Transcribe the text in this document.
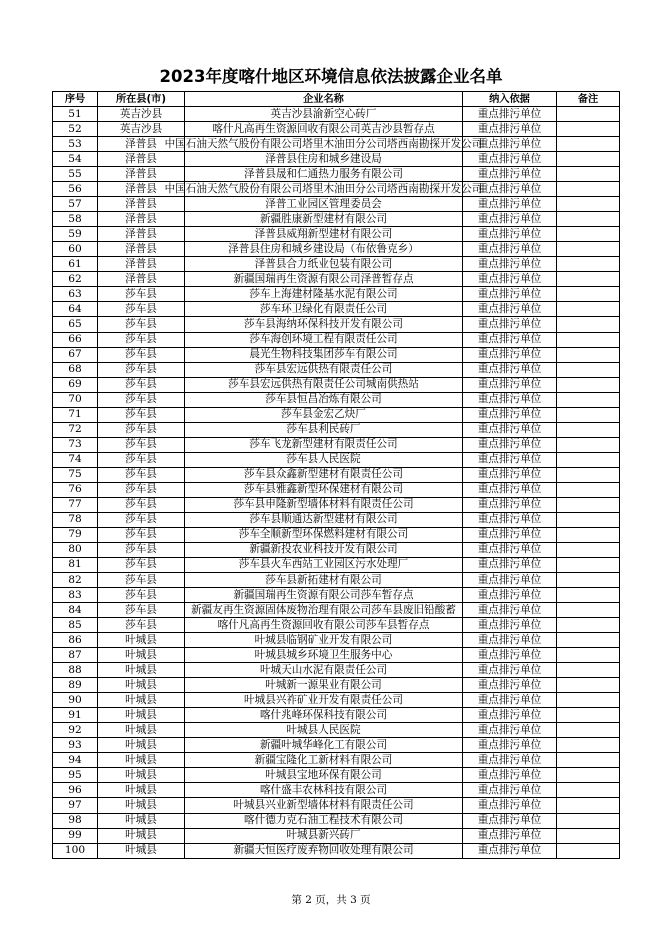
2023年度喀什地区环境信息依法披露企业名单
序号	所在县(市)	企业名称	纳入依据	备注
51	英吉沙县	英吉沙县渝新空心砖厂	重点排污单位	
52	英吉沙县	喀什凡高再生资源回收有限公司英吉沙县暂存点	重点排污单位	
53	泽普县	中国石油天然气股份有限公司塔里木油田分公司塔西南勘探开发公司	重点排污单位	
54	泽普县	泽普县住房和城乡建设局	重点排污单位	
55	泽普县	泽普县晟和仁通热力服务有限公司	重点排污单位	
56	泽普县	中国石油天然气股份有限公司塔里木油田分公司塔西南勘探开发公司	重点排污单位	
57	泽普县	泽普工业园区管理委员会	重点排污单位	
58	泽普县	新疆胜康新型建材有限公司	重点排污单位	
59	泽普县	泽普县威翔新型建材有限公司	重点排污单位	
60	泽普县	泽普县住房和城乡建设局（布依鲁克乡）	重点排污单位	
61	泽普县	泽普县合力纸业包装有限公司	重点排污单位	
62	泽普县	新疆国瑞再生资源有限公司泽普暂存点	重点排污单位	
63	莎车县	莎车上海建材隆基水泥有限公司	重点排污单位	
64	莎车县	莎车环卫绿化有限责任公司	重点排污单位	
65	莎车县	莎车县海纳环保科技开发有限公司	重点排污单位	
66	莎车县	莎车海创环境工程有限责任公司	重点排污单位	
67	莎车县	晨光生物科技集团莎车有限公司	重点排污单位	
68	莎车县	莎车县宏远供热有限责任公司	重点排污单位	
69	莎车县	莎车县宏远供热有限责任公司城南供热站	重点排污单位	
70	莎车县	莎车县恒昌冶炼有限公司	重点排污单位	
71	莎车县	莎车县金宏乙炔厂	重点排污单位	
72	莎车县	莎车县利民砖厂	重点排污单位	
73	莎车县	莎车飞龙新型建材有限责任公司	重点排污单位	
74	莎车县	莎车县人民医院	重点排污单位	
75	莎车县	莎车县众鑫新型建材有限责任公司	重点排污单位	
76	莎车县	莎车县雅鑫新型环保建材有限公司	重点排污单位	
77	莎车县	莎车县申隆新型墙体材料有限责任公司	重点排污单位	
78	莎车县	莎车县顺通达新型建材有限公司	重点排污单位	
79	莎车县	莎车全顺新型环保燃料建材有限公司	重点排污单位	
80	莎车县	新疆新投农业科技开发有限公司	重点排污单位	
81	莎车县	莎车县火车西站工业园区污水处理厂	重点排污单位	
82	莎车县	莎车县新拓建材有限公司	重点排污单位	
83	莎车县	新疆国瑞再生资源有限公司莎车暂存点	重点排污单位	
84	莎车县	新疆友再生资源固体废物治理有限公司莎车县废旧铅酸蓄	重点排污单位	
85	莎车县	喀什凡高再生资源回收有限公司莎车县暂存点	重点排污单位	
86	叶城县	叶城县临钢矿业开发有限公司	重点排污单位	
87	叶城县	叶城县城乡环境卫生服务中心	重点排污单位	
88	叶城县	叶城天山水泥有限责任公司	重点排污单位	
89	叶城县	叶城新一源果业有限公司	重点排污单位	
90	叶城县	叶城县兴祚矿业开发有限责任公司	重点排污单位	
91	叶城县	喀什兆峰环保科技有限公司	重点排污单位	
92	叶城县	叶城县人民医院	重点排污单位	
93	叶城县	新疆叶城华峰化工有限公司	重点排污单位	
94	叶城县	新疆宝隆化工新材料有限公司	重点排污单位	
95	叶城县	叶城县宝地环保有限公司	重点排污单位	
96	叶城县	喀什盛丰农林科技有限公司	重点排污单位	
97	叶城县	叶城县兴业新型墙体材料有限责任公司	重点排污单位	
98	叶城县	喀什德力克石油工程技术有限公司	重点排污单位	
99	叶城县	叶城县新兴砖厂	重点排污单位	
100	叶城县	新疆天恒医疗废弃物回收处理有限公司	重点排污单位	
第 2 页，共 3 页
